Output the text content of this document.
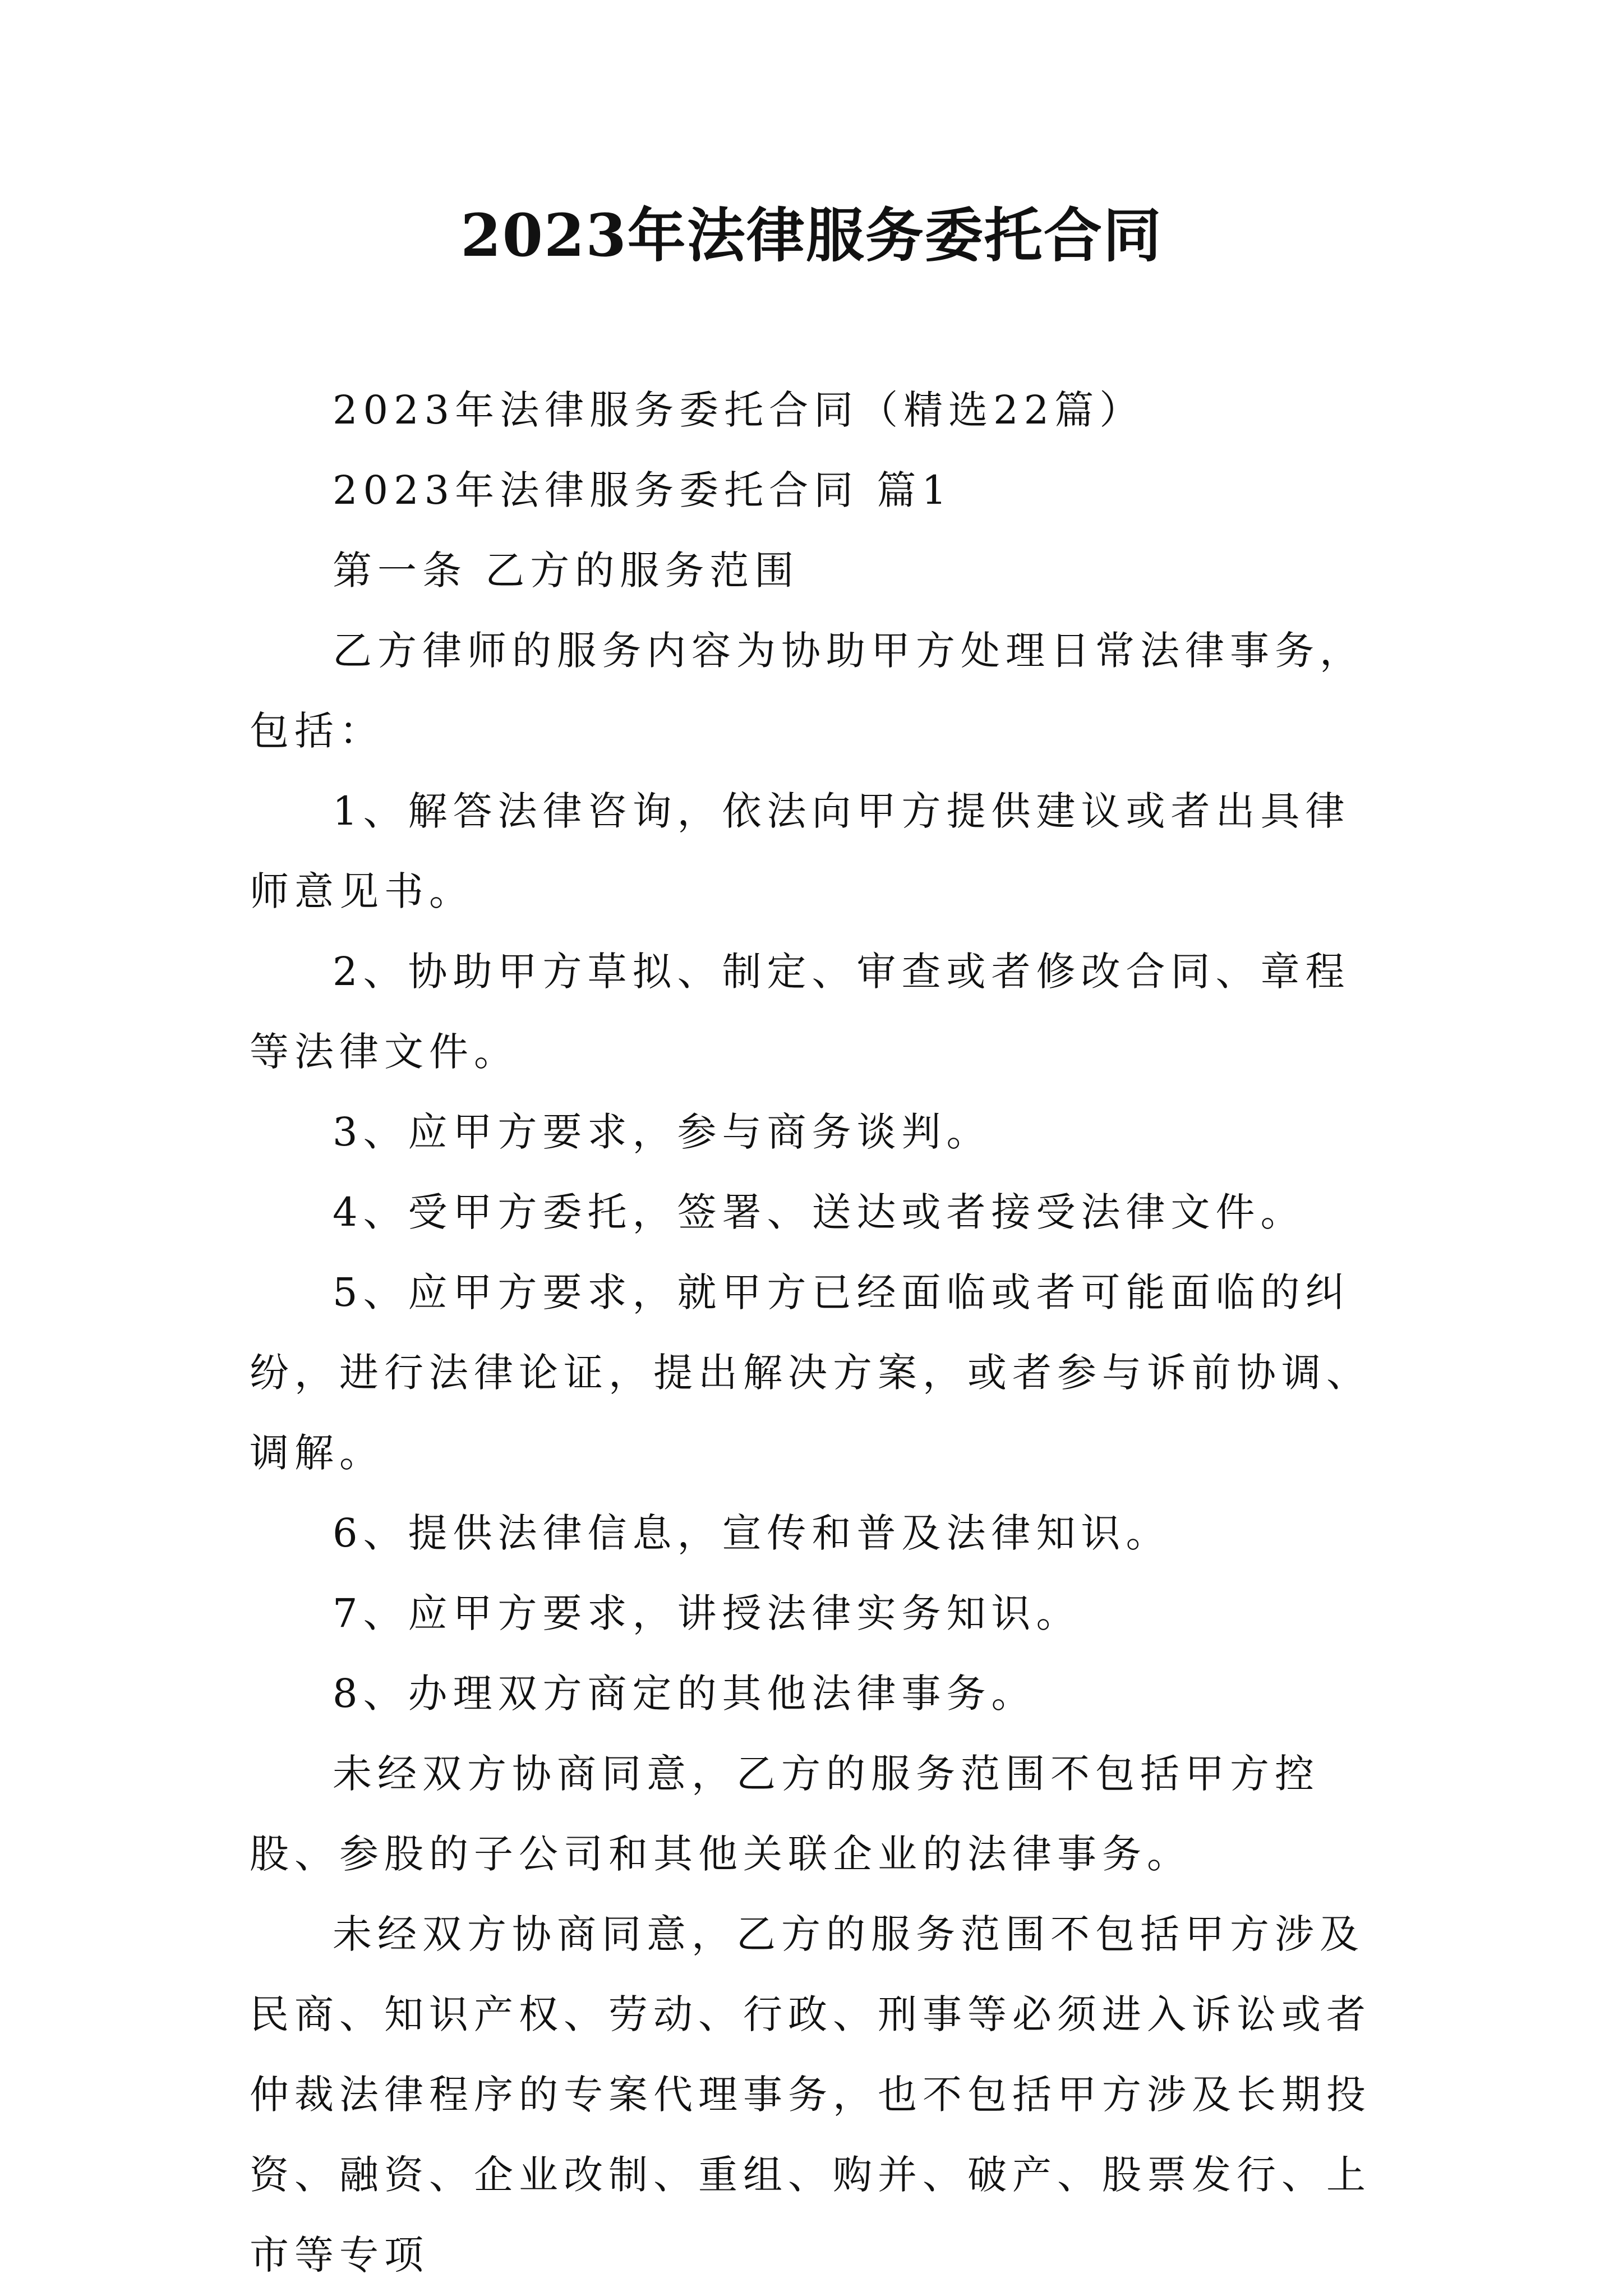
2023年法律服务委托合同

2023年法律服务委托合同（精选22篇）

2023年法律服务委托合同 篇1

第一条 乙方的服务范围

乙方律师的服务内容为协助甲方处理日常法律事务，包括：

1、解答法律咨询，依法向甲方提供建议或者出具律师意见书。

2、协助甲方草拟、制定、审查或者修改合同、章程等法律文件。

3、应甲方要求，参与商务谈判。

4、受甲方委托，签署、送达或者接受法律文件。

5、应甲方要求，就甲方已经面临或者可能面临的纠纷，进行法律论证，提出解决方案，或者参与诉前协调、调解。

6、提供法律信息，宣传和普及法律知识。

7、应甲方要求，讲授法律实务知识。

8、办理双方商定的其他法律事务。

未经双方协商同意，乙方的服务范围不包括甲方控股、参股的子公司和其他关联企业的法律事务。

未经双方协商同意，乙方的服务范围不包括甲方涉及民商、知识产权、劳动、行政、刑事等必须进入诉讼或者仲裁法律程序的专案代理事务，也不包括甲方涉及长期投资、融资、企业改制、重组、购并、破产、股票发行、上市等专项
